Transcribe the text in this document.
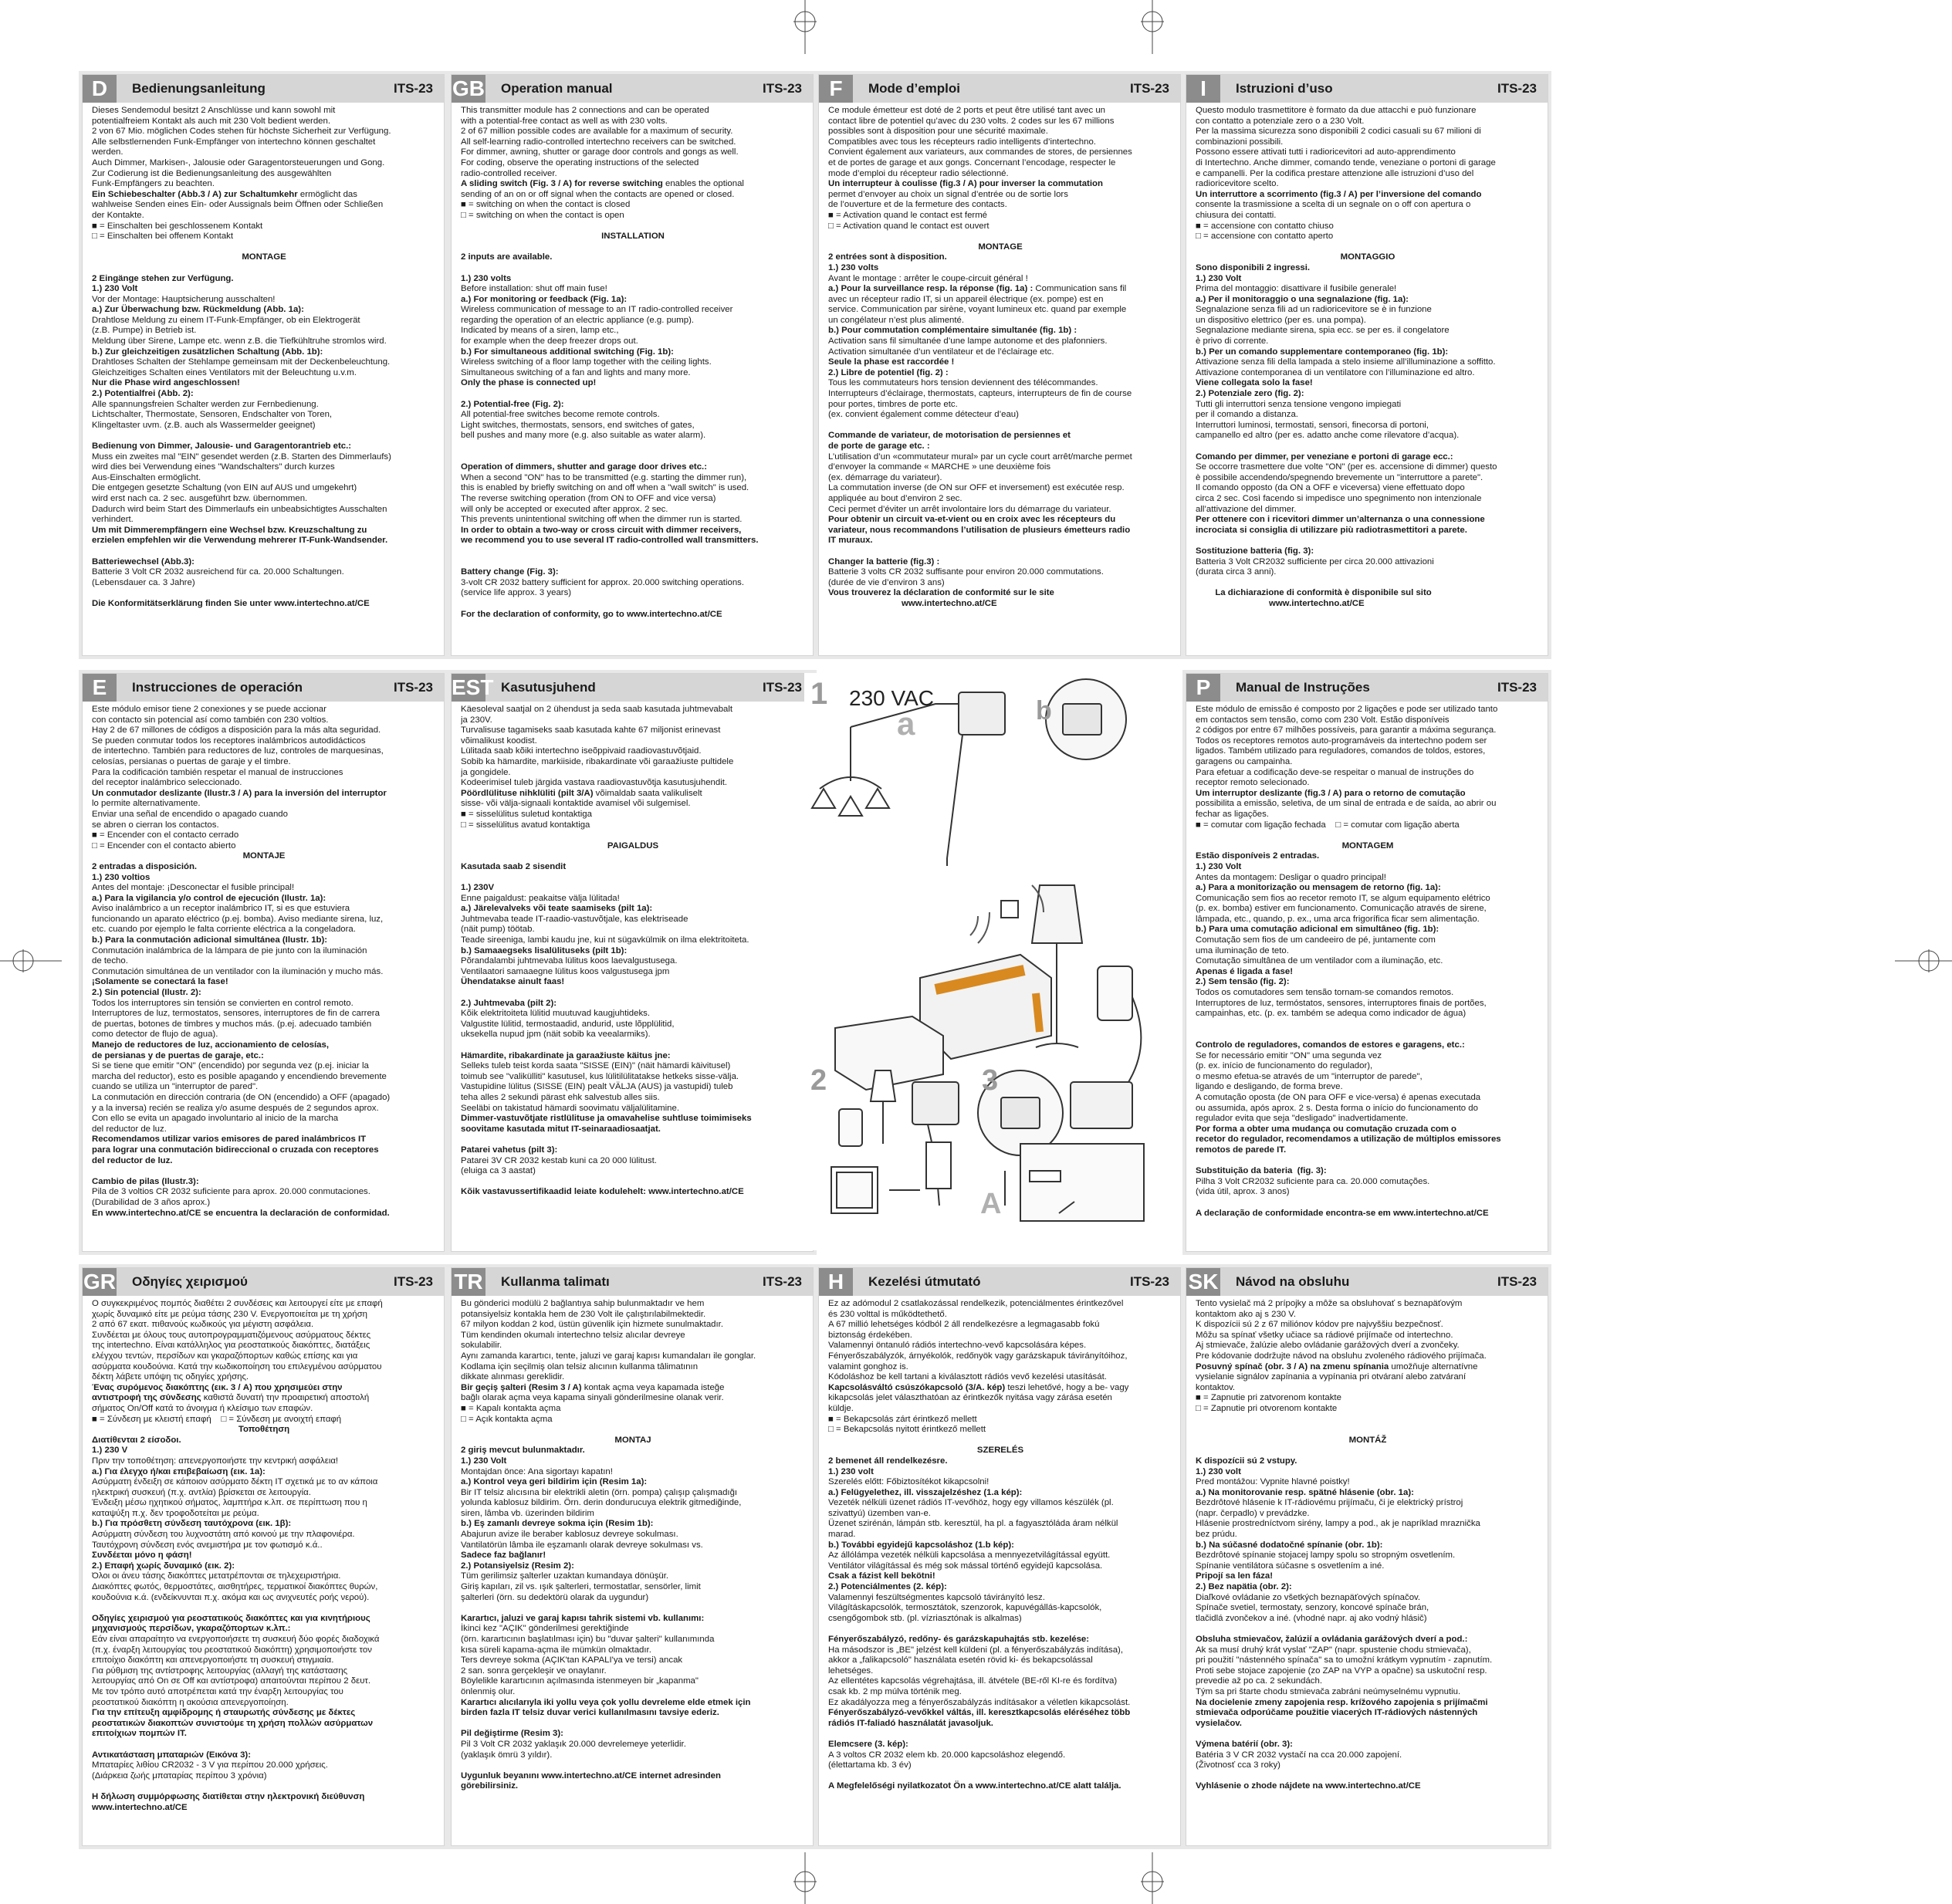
D	Bedienungsanleitung	ITS-23
Dieses Sendemodul besitzt 2 Anschlüsse und kann sowohl mit
potentialfreiem Kontakt als auch mit 230 Volt bedient werden.
2 von 67 Mio. möglichen Codes stehen für höchste Sicherheit zur Verfügung.
Alle selbstlernenden Funk-Empfänger von intertechno können geschaltet
werden.
Auch Dimmer, Markisen-, Jalousie oder Garagentorsteuerungen und Gong.
Zur Codierung ist die Bedienungsanleitung des ausgewählten
Funk-Empfängers zu beachten.
Ein Schiebeschalter (Abb.3 / A) zur Schaltumkehr ermöglicht das
wahlweise Senden eines Ein- oder Aussignals beim Öffnen oder Schließen
der Kontakte.
■ = Einschalten bei geschlossenem Kontakt
□ = Einschalten bei offenem Kontakt

MONTAGE

2 Eingänge stehen zur Verfügung.
1.) 230 Volt
Vor der Montage: Hauptsicherung ausschalten!
a.) Zur Überwachung bzw. Rückmeldung (Abb. 1a):
Drahtlose Meldung zu einem IT-Funk-Empfänger, ob ein Elektrogerät
(z.B. Pumpe) in Betrieb ist.
Meldung über Sirene, Lampe etc. wenn z.B. die Tiefkühltruhe stromlos wird.
b.) Zur gleichzeitigen zusätzlichen Schaltung (Abb. 1b):
Drahtloses Schalten der Stehlampe gemeinsam mit der Deckenbeleuchtung.
Gleichzeitiges Schalten eines Ventilators mit der Beleuchtung u.v.m.
Nur die Phase wird angeschlossen!
2.) Potentialfrei (Abb. 2):
Alle spannungsfreien Schalter werden zur Fernbedienung.
Lichtschalter, Thermostate, Sensoren, Endschalter von Toren,
Klingeltaster uvm. (z.B. auch als Wassermelder geeignet)

Bedienung von Dimmer, Jalousie- und Garagentorantrieb etc.:
Muss ein zweites mal "EIN" gesendet werden (z.B. Starten des Dimmerlaufs)
wird dies bei Verwendung eines "Wandschalters" durch kurzes
Aus-Einschalten ermöglicht.
Die entgegen gesetzte Schaltung (von EIN auf AUS und umgekehrt)
wird erst nach ca. 2 sec. ausgeführt bzw. übernommen.
Dadurch wird beim Start des Dimmerlaufs ein unbeabsichtigtes Ausschalten
verhindert.
Um mit Dimmerempfängern eine Wechsel bzw. Kreuzschaltung zu
erzielen empfehlen wir die Verwendung mehrerer IT-Funk-Wandsender.

Batteriewechsel (Abb.3):
Batterie 3 Volt CR 2032 ausreichend für ca. 20.000 Schaltungen.
(Lebensdauer ca. 3 Jahre)

Die Konformitätserklärung finden Sie unter www.intertechno.at/CE
GB Operation manual	ITS-23
This transmitter module has 2 connections and can be operated
with a potential-free contact as well as with 230 volts.
2 of 67 million possible codes are available for a maximum of security.
All self-learning radio-controlled intertechno receivers can be switched.
For dimmer, awning, shutter or garage door controls and gongs as well.
For coding, observe the operating instructions of the selected
radio-controlled receiver.
A sliding switch (Fig. 3 / A) for reverse switching enables the optional
sending of an on or off signal when the contacts are opened or closed.
■ = switching on when the contact is closed
□ = switching on when the contact is open

INSTALLATION

2 inputs are available.

1.) 230 volts
Before installation: shut off main fuse!
a.) For monitoring or feedback (Fig. 1a):
Wireless communication of message to an IT radio-controlled receiver
regarding the operation of an electric appliance (e.g. pump).
Indicated by means of a siren, lamp etc.,
for example when the deep freezer drops out.
b.) For simultaneous additional switching (Fig. 1b):
Wireless switching of a floor lamp together with the ceiling lights.
Simultaneous switching of a fan and lights and many more.
Only the phase is connected up!

2.) Potential-free (Fig. 2):
All potential-free switches become remote controls.
Light switches, thermostats, sensors, end switches of gates,
bell pushes and many more (e.g. also suitable as water alarm).

Operation of dimmers, shutter and garage door drives etc.:
When a second "ON" has to be transmitted (e.g. starting the dimmer run),
this is enabled by briefly switching on and off when a "wall switch" is used.
The reverse switching operation (from ON to OFF and vice versa)
will only be accepted or executed after approx. 2 sec.
This prevents unintentional switching off when the dimmer run is started.
In order to obtain a two-way or cross circuit with dimmer receivers,
we recommend you to use several IT radio-controlled wall transmitters.

Battery change (Fig. 3):
3-volt CR 2032 battery sufficient for approx. 20.000 switching operations.
(service life approx. 3 years)

For the declaration of conformity, go to www.intertechno.at/CE
F	Mode d’emploi	ITS-23
Ce module émetteur est doté de 2 ports et peut être utilisé tant avec un
contact libre de potentiel qu’avec du 230 volts. 2 codes sur les 67 millions
possibles sont à disposition pour une sécurité maximale.
Compatibles avec tous les récepteurs radio intelligents d’intertechno.
Convient également aux variateurs, aux commandes de stores, de persiennes
et de portes de garage et aux gongs. Concernant l’encodage, respecter le
mode d’emploi du récepteur radio sélectionné.
Un interrupteur à coulisse (fig.3 / A) pour inverser la commutation
permet d’envoyer au choix un signal d’entrée ou de sortie lors
de l’ouverture et de la fermeture des contacts.
■ = Activation quand le contact est fermé
□ = Activation quand le contact est ouvert

MONTAGE
2 entrées sont à disposition.
1.) 230 volts
Avant le montage : arrêter le coupe-circuit général !
a.) Pour la surveillance resp. la réponse (fig. 1a) : Communication sans fil
avec un récepteur radio IT, si un appareil électrique (ex. pompe) est en
service. Communication par sirène, voyant lumineux etc. quand par exemple
un congélateur n’est plus alimenté.
b.) Pour commutation complémentaire simultanée (fig. 1b) :
Activation sans fil simultanée d’une lampe autonome et des plafonniers.
Activation simultanée d’un ventilateur et de l’éclairage etc.
Seule la phase est raccordée !
2.) Libre de potentiel (fig. 2) :
Tous les commutateurs hors tension deviennent des télécommandes.
Interrupteurs d’éclairage, thermostats, capteurs, interrupteurs de fin de course
pour portes, timbres de porte etc.
(ex. convient également comme détecteur d’eau)

Commande de variateur, de motorisation de persiennes et
de porte de garage etc. :
L’utilisation d’un «commutateur mural» par un cycle court arrêt/marche permet
d’envoyer la commande « MARCHE » une deuxième fois
(ex. démarrage du variateur).
La commutation inverse (de ON sur OFF et inversement) est exécutée resp.
appliquée au bout d’environ 2 sec.
Ceci permet d’éviter un arrêt involontaire lors du démarrage du variateur.
Pour obtenir un circuit va-et-vient ou en croix avec les récepteurs du
variateur, nous recommandons l’utilisation de plusieurs émetteurs radio
IT muraux.

Changer la batterie (fig.3) :
Batterie 3 volts CR 2032 suffisante pour environ 20.000 commutations.
(durée de vie d’environ 3 ans)
Vous trouverez la déclaration de conformité sur le site
www.intertechno.at/CE
I	Istruzioni d’uso	ITS-23
Questo modulo trasmettitore è formato da due attacchi e può funzionare
con contatto a potenziale zero o a 230 Volt.
Per la massima sicurezza sono disponibili 2 codici casuali su 67 milioni di
combinazioni possibili.
Possono essere attivati tutti i radioricevitori ad auto-apprendimento
di Intertechno. Anche dimmer, comando tende, veneziane o portoni di garage
e campanelli. Per la codifica prestare attenzione alle istruzioni d’uso del
radioricevitore scelto.
Un interruttore a scorrimento (fig.3 / A) per l’inversione del comando
consente la trasmissione a scelta di un segnale on o off con apertura o
chiusura dei contatti.
■ = accensione con contatto chiuso
□ = accensione con contatto aperto

MONTAGGIO
Sono disponibili 2 ingressi.
1.) 230 Volt
Prima del montaggio: disattivare il fusibile generale!
a.) Per il monitoraggio o una segnalazione (fig. 1a):
Segnalazione senza fili ad un radioricevitore se è in funzione
un dispositivo elettrico (per es. una pompa).
Segnalazione mediante sirena, spia ecc. se per es. il congelatore
è privo di corrente.
b.) Per un comando supplementare contemporaneo (fig. 1b):
Attivazione senza fili della lampada a stelo insieme all’illuminazione a soffitto.
Attivazione contemporanea di un ventilatore con l’illuminazione ed altro.
Viene collegata solo la fase!
2.) Potenziale zero (fig. 2):
Tutti gli interruttori senza tensione vengono impiegati
per il comando a distanza.
Interruttori luminosi, termostati, sensori, finecorsa di portoni,
campanello ed altro (per es. adatto anche come rilevatore d’acqua).

Comando per dimmer, per veneziane e portoni di garage ecc.:
Se occorre trasmettere due volte "ON" (per es. accensione di dimmer) questo
è possibile accendendo/spegnendo brevemente un "interruttore a parete".
Il comando opposto (da ON a OFF e viceversa) viene effettuato dopo
circa 2 sec. Così facendo si impedisce uno spegnimento non intenzionale
all’attivazione del dimmer.
Per ottenere con i ricevitori dimmer un’alternanza o una connessione
incrociata si consiglia di utilizzare più radiotrasmettitori a parete.

Sostituzione batteria (fig. 3):
Batteria 3 Volt CR2032 sufficiente per circa 20.000 attivazioni
(durata circa 3 anni).

La dichiarazione di conformità è disponibile sul sito
www.intertechno.at/CE
E	Instrucciones de operación	ITS-23
Este módulo emisor tiene 2 conexiones y se puede accionar
con contacto sin potencial así como también con 230 voltios.
Hay 2 de 67 millones de códigos a disposición para la más alta seguridad.
Se pueden conmutar todos los receptores inalámbricos autodidácticos
de intertechno. También para reductores de luz, controles de marquesinas,
celosías, persianas o puertas de garaje y el timbre.
Para la codificación también respetar el manual de instrucciones
del receptor inalámbrico seleccionado.
Un conmutador deslizante (Ilustr.3 / A) para la inversión del interruptor
lo permite alternativamente.
Enviar una señal de encendido o apagado cuando
se abren o cierran los contactos.
■ = Encender con el contacto cerrado
□ = Encender con el contacto abierto
MONTAJE
2 entradas a disposición.
1.) 230 voltios
Antes del montaje: ¡Desconectar el fusible principal!
a.) Para la vigilancia y/o control de ejecución (Ilustr. 1a):
Aviso inalámbrico a un receptor inalámbrico IT, si es que estuviera
funcionando un aparato eléctrico (p.ej. bomba). Aviso mediante sirena, luz,
etc. cuando por ejemplo le falta corriente eléctrica a la congeladora.
b.) Para la conmutación adicional simultánea (Ilustr. 1b):
Conmutación inalámbrica de la lámpara de pie junto con la iluminación
de techo.
Conmutación simultánea de un ventilador con la iluminación y mucho más.
¡Solamente se conectará la fase!
2.) Sin potencial (Ilustr. 2):
Todos los interruptores sin tensión se convierten en control remoto.
Interruptores de luz, termostatos, sensores, interruptores de fin de carrera
de puertas, botones de timbres y muchos más. (p.ej. adecuado también
como detector de flujo de agua).
Manejo de reductores de luz, accionamiento de celosías,
de persianas y de puertas de garaje, etc.:
Si se tiene que emitir "ON" (encendido) por segunda vez (p.ej. iniciar la
marcha del reductor), esto es posible apagando y encendiendo brevemente
cuando se utiliza un "interruptor de pared".
La conmutación en dirección contraria (de ON (encendido) a OFF (apagado)
y a la inversa) recién se realiza y/o asume después de 2 segundos aprox.
Con ello se evita un apagado involuntario al inicio de la marcha
del reductor de luz.
Recomendamos utilizar varios emisores de pared inalámbricos IT
para lograr una conmutación bidireccional o cruzada con receptores
del reductor de luz.

Cambio de pilas (Ilustr.3):
Pila de 3 voltios CR 2032 suficiente para aprox. 20.000 conmutaciones.
(Durabilidad de 3 años aprox.)
En www.intertechno.at/CE se encuentra la declaración de conformidad.
EST Kasutusjuhend	ITS-23
Käesoleval saatjal on 2 ühendust ja seda saab kasutada juhtmevabalt
ja 230V.
Turvalisuse tagamiseks saab kasutada kahte 67 miljonist erinevast
võimalikust koodist.
Lülitada saab kõiki intertechno iseõppivaid raadiovastuvõtjaid.
Sobib ka hämardite, markiiside, ribakardinate või garaažiuste pultidele
ja gongidele.
Kodeerimisel tuleb järgida vastava raadiovastuvõtja kasutusjuhendit.
Pöördlülituse nihklüliti (pilt 3/A) võimaldab saata valikuliselt
sisse- või välja-signaali kontaktide avamisel või sulgemisel.
■ = sisselülitus suletud kontaktiga
□ = sisselülitus avatud kontaktiga

PAIGALDUS

Kasutada saab 2 sisendit

1.) 230V
Enne paigaldust: peakaitse välja lülitada!
a.) Järelevalveks või teate saamiseks (pilt 1a):
Juhtmevaba teade IT-raadio-vastuvõtjale, kas elektriseade
(näit pump) töötab.
Teade sireeniga, lambi kaudu jne, kui nt sügavkülmik on ilma elektritoiteta.
b.) Samaaegseks lisalülituseks (pilt 1b):
Põrandalambi juhtmevaba lülitus koos laevalgustusega.
Ventilaatori samaaegne lülitus koos valgustusega jpm
Ühendatakse ainult faas!

2.) Juhtmevaba (pilt 2):
Kõik elektritoiteta lülitid muutuvad kaugjuhtideks.
Valgustite lülitid, termostaadid, andurid, uste lõpplülitid,
uksekella nupud jpm (näit sobib ka veealarmiks).

Hämardite, ribakardinate ja garaažiuste käitus jne:
Selleks tuleb teist korda saata "SISSE (EIN)" (näit hämardi käivitusel)
toimub see "valikülliti" kasutusel, kus lülitilülitatakse hetkeks sisse-välja.
Vastupidine lülitus (SISSE (EIN) pealt VÄLJA (AUS) ja vastupidi) tuleb
teha alles 2 sekundi pärast ehk salvestub alles siis.
Seeläbi on takistatud hämardi soovimatu väljalülitamine.
Dimmer-vastuvõtjate ristlülituse ja omavahelise suhtluse toimimiseks
soovitame kasutada mitut IT-seinaraadiosaatjat.

Patarei vahetus (pilt 3):
Patarei 3V CR 2032 kestab kuni ca 20 000 lülitust.
(eluiga ca 3 aastat)

Kõik vastavussertifikaadid leiate kodulehelt: www.intertechno.at/CE
P	Manual de Instruções	ITS-23
Este módulo de emissão é composto por 2 ligações e pode ser utilizado tanto
em contactos sem tensão, como com 230 Volt. Estão disponíveis
2 códigos por entre 67 milhões possíveis, para garantir a máxima segurança.
Todos os receptores remotos auto-programáveis da intertechno podem ser
ligados. Também utilizado para reguladores, comandos de toldos, estores,
garagens ou campainha.
Para efetuar a codificação deve-se respeitar o manual de instruções do
receptor remoto selecionado.
Um interruptor deslizante (fig.3 / A) para o retorno de comutação
possibilita a emissão, seletiva, de um sinal de entrada e de saída, ao abrir ou
fechar as ligações.
■ = comutar com ligação fechada    □ = comutar com ligação aberta

MONTAGEM
Estão disponíveis 2 entradas.
1.) 230 Volt
Antes da montagem: Desligar o quadro principal!
a.) Para a monitorização ou mensagem de retorno (fig. 1a):
Comunicação sem fios ao recetor remoto IT, se algum equipamento elétrico
(p. ex. bomba) estiver em funcionamento. Comunicação através de sirene,
lâmpada, etc., quando, p. ex., uma arca frigorífica ficar sem alimentação.
b.) Para uma comutação adicional em simultâneo (fig. 1b):
Comutação sem fios de um candeeiro de pé, juntamente com
uma iluminação de teto.
Comutação simultânea de um ventilador com a iluminação, etc.
Apenas é ligada a fase!
2.) Sem tensão (fig. 2):
Todos os comutadores sem tensão tornam-se comandos remotos.
Interruptores de luz, termóstatos, sensores, interruptores finais de portões,
campainhas, etc. (p. ex. também se adequa como indicador de água)

Controlo de reguladores, comandos de estores e garagens, etc.:
Se for necessário emitir "ON" uma segunda vez
(p. ex. início de funcionamento do regulador),
o mesmo efetua-se através de um "interruptor de parede",
ligando e desligando, de forma breve.
A comutação oposta (de ON para OFF e vice-versa) é apenas executada
ou assumida, após aprox. 2 s. Desta forma o início do funcionamento do
regulador evita que seja "desligado" inadvertidamente.
Por forma a obter uma mudança ou comutação cruzada com o
recetor do regulador, recomendamos a utilização de múltiplos emissores
remotos de parede IT.

Substituição da bateria  (fig. 3):
Pilha 3 Volt CR2032 suficiente para ca. 20.000 comutações.
(vida útil, aprox. 3 anos)

A declaração de conformidade encontra-se em www.intertechno.at/CE
GR Οδηγίες χειρισμού	ITS-23
Ο συγκεκριμένος πομπός διαθέτει 2 συνδέσεις και λειτουργεί είτε με επαφή
χωρίς δυναμικό είτε με ρεύμα τάσης 230 V. Ενεργοποιείται με τη χρήση
2 από 67 εκατ. πιθανούς κωδικούς για μέγιστη ασφάλεια.
Συνδέεται με όλους τους αυτοπρογραμματιζόμενους ασύρματους δέκτες
της intertechno. Είναι κατάλληλος για ρεοστατικούς διακόπτες, διατάξεις
ελέγχου τεντών, περσίδων και γκαραζόπορτων καθώς επίσης και για
ασύρματα κουδούνια. Κατά την κωδικοποίηση του επιλεγμένου ασύρματου
δέκτη λάβετε υπόψη τις οδηγίες χρήσης.
Ένας συρόμενος διακόπτης (εικ. 3 / A) που χρησιμεύει στην
αντιστροφή της σύνδεσης καθιστά δυνατή την προαιρετική αποστολή
σήματος On/Off κατά το άνοιγμα ή κλείσιμο των επαφών.
■ = Σύνδεση με κλειστή επαφή    □ = Σύνδεση με ανοιχτή επαφή
Τοποθέτηση
Διατίθενται 2 είσοδοι.
1.) 230 V
Πριν την τοποθέτηση: απενεργοποιήστε την κεντρική ασφάλεια!
a.) Για έλεγχο ή/και επιβεβαίωση (εικ. 1a):
Ασύρματη ένδειξη σε κάποιον ασύρματο δέκτη IT σχετικά με το αν κάποια
ηλεκτρική συσκευή (π.χ. αντλία) βρίσκεται σε λειτουργία.
Ένδειξη μέσω ηχητικού σήματος, λαμπτήρα κ.λπ. σε περίπτωση που η
καταψύξη π.χ. δεν τροφοδοτείται με ρεύμα.
b.) Για πρόσθετη σύνδεση ταυτόχρονα (εικ. 1β):
Ασύρματη σύνδεση του λυχνοστάτη από κοινού με την πλαφονιέρα.
Ταυτόχρονη σύνδεση ενός ανεμιστήρα με τον φωτισμό κ.ά..
Συνδέεται μόνο η φάση!
2.) Επαφή χωρίς δυναμικό (εικ. 2):
Όλοι οι άνευ τάσης διακόπτες μετατρέπονται σε τηλεχειριστήρια.
Διακόπτες φωτός, θερμοστάτες, αισθητήρες, τερματικοί διακόπτες θυρών,
κουδούνια κ.ά. (ενδείκνυνται π.χ. ακόμα και ως ανιχνευτές ροής νερού).

Οδηγίες χειρισμού για ρεοστατικούς διακόπτες και για κινητήριους
μηχανισμούς περσίδων, γκαραζόπορτων κ.λπ.:
Εάν είναι απαραίτητο να ενεργοποιήσετε τη συσκευή δύο φορές διαδοχικά
(π.χ. έναρξη λειτουργίας του ρεοστατικού διακόπτη) χρησιμοποιήστε τον
επιτοίχιο διακόπτη και απενεργοποιήστε τη συσκευή στιγμιαία.
Για ρύθμιση της αντίστροφης λειτουργίας (αλλαγή της κατάστασης
λειτουργίας από On σε Off και αντίστροφα) απαιτούνται περίπου 2 δευτ.
Με τον τρόπο αυτό αποτρέπεται κατά την έναρξη λειτουργίας του
ρεοστατικού διακόπτη η ακούσια απενεργοποίηση.
Για την επίτευξη αμφίδρομης ή σταυρωτής σύνδεσης με δέκτες
ρεοστατικών διακοπτών συνιστούμε τη χρήση πολλών ασύρματων
επιτοίχιων πομπών IT.

Αντικατάσταση μπαταριών (Εικόνα 3):
Μπαταρίες λιθίου CR2032 - 3 V για περίπου 20.000 χρήσεις.
(Διάρκεια ζωής μπαταρίας περίπου 3 χρόνια)

Η δήλωση συμμόρφωσης διατίθεται στην ηλεκτρονική διεύθυνση
www.intertechno.at/CE
TR Kullanma talimatı	ITS-23
Bu gönderici modülü 2 bağlantıya sahip bulunmaktadır ve hem
potansiyelsiz kontakla hem de 230 Volt ile çalıştırılabilmektedir.
67 milyon koddan 2 kod, üstün güvenlik için hizmete sunulmaktadır.
Tüm kendinden okumalı intertechno telsiz alıcılar devreye
sokulabilir.
Aynı zamanda karartıcı, tente, jaluzi ve garaj kapısı kumandaları ile gonglar.
Kodlama için seçilmiş olan telsiz alıcının kullanma tâlimatının
dikkate alınması gereklidir.
Bir geçiş şalteri (Resim 3 / A) kontak açma veya kapamada isteğe
bağlı olarak açma veya kapama sinyali gönderilmesine olanak verir.
■ = Kapalı kontakta açma
□ = Açık kontakta açma

MONTAJ
2 giriş mevcut bulunmaktadır.
1.) 230 Volt
Montajdan önce: Ana sigortayı kapatın!
a.) Kontrol veya geri bildirim için (Resim 1a):
Bir IT telsiz alıcısına bir elektrikli aletin (örn. pompa) çalışıp çalışmadığı
yolunda kablosuz bildirim. Örn. derin dondurucuya elektrik gitmediğinde,
siren, lâmba vb. üzerinden bildirim
b.) Eş zamanlı devreye sokma için (Resim 1b):
Abajurun avize ile beraber kablosuz devreye sokulması.
Vantilatörün lâmba ile eşzamanlı olarak devreye sokulması vs.
Sadece faz bağlanır!
2.) Potansiyelsiz (Resim 2):
Tüm gerilimsiz şalterler uzaktan kumandaya dönüşür.
Giriş kapıları, zil vs. ışık şalterleri, termostatlar, sensörler, limit
şalterleri (örn. su dedektörü olarak da uygundur)

Karartıcı, jaluzi ve garaj kapısı tahrik sistemi vb. kullanımı:
İkinci kez "AÇIK" gönderilmesi gerektiğinde
(örn. karartıcının başlatılması için) bu "duvar şalteri" kullanımında
kısa süreli kapama-açma ile mümkün olmaktadır.
Ters devreye sokma (AÇIK'tan KAPALI'ya ve tersi) ancak
2 san. sonra gerçekleşir ve onaylanır.
Böylelikle karartıcının açılmasında istenmeyen bir „kapanma"
önlenmiş olur.
Karartıcı alıcılarıyla iki yollu veya çok yollu devreleme elde etmek için
birden fazla IT telsiz duvar verici kullanılmasını tavsiye ederiz.

Pil değiştirme (Resim 3):
Pil 3 Volt CR 2032 yaklaşık 20.000 devrelemeye yeterlidir.
(yaklaşık ömrü 3 yıldır).

Uygunluk beyanını www.intertechno.at/CE internet adresinden
görebilirsiniz.
H	Kezelési útmutató	ITS-23
Ez az adómodul 2 csatlakozással rendelkezik, potenciálmentes érintkezővel
és 230 volttal is működtethető.
A 67 millió lehetséges kódból 2 áll rendelkezésre a legmagasabb fokú
biztonság érdekében.
Valamennyi öntanuló rádiós intertechno-vevő kapcsolására képes.
Fényerőszabályzók, árnyékolók, redőnyök vagy garázskapuk távirányítóihoz,
valamint gonghoz is.
Kódoláshoz be kell tartani a kiválasztott rádiós vevő kezelési utasítását.
Kapcsolásváltó csúszókapcsoló (3/A. kép) teszi lehetővé, hogy a be- vagy
kikapcsolás jelet választhatóan az érintkezők nyitása vagy zárása esetén
küldje.
■ = Bekapcsolás zárt érintkező mellett
□ = Bekapcsolás nyitott érintkező mellett

SZERELÉS
2 bemenet áll rendelkezésre.
1.) 230 volt
Szerelés előtt: Főbiztosítékot kikapcsolni!
a.) Felügyelethez, ill. visszajelzéshez (1.a kép):
Vezeték nélküli üzenet rádiós IT-vevőhöz, hogy egy villamos készülék (pl.
szivattyú) üzemben van-e.
Üzenet szirénán, lámpán stb. keresztül, ha pl. a fagyasztóláda áram nélkül
marad.
b.) További egyidejű kapcsoláshoz (1.b kép):
Az állólámpa vezeték nélküli kapcsolása a mennyezetvilágítással együtt.
Ventilátor világítással és még sok mással történő egyidejű kapcsolása.
Csak a fázist kell bekötni!
2.) Potenciálmentes (2. kép):
Valamennyi feszültségmentes kapcsoló távirányító lesz.
Világításkapcsolók, termosztátok, szenzorok, kapuvégállás-kapcsolók,
csengőgombok stb. (pl. vízriasztónak is alkalmas)

Fényerőszabályzó, redőny- és garázskapuhajtás stb. kezelése:
Ha másodszor is „BE" jelzést kell küldeni (pl. a fényerőszabályzás indítása),
akkor a „falikapcsoló" használata esetén rövid ki- és bekapcsolással
lehetséges.
Az ellentétes kapcsolás végrehajtása, ill. átvétele (BE-ről KI-re és fordítva)
csak kb. 2 mp múlva történik meg.
Ez akadályozza meg a fényerőszabályzás indításakor a véletlen kikapcsolást.
Fényerőszabályzó-vevőkkel váltás, ill. keresztkapcsolás eléréséhez több
rádiós IT-faliadó használatát javasoljuk.

Elemcsere (3. kép):
A 3 voltos CR 2032 elem kb. 20.000 kapcsoláshoz elegendő.
(élettartama kb. 3 év)

A Megfelelőségi nyilatkozatot Ön a www.intertechno.at/CE alatt találja.
SK Návod na obsluhu	ITS-23
Tento vysielač má 2 prípojky a môže sa obsluhovať s beznapäťovým
kontaktom ako aj s 230 V.
K dispozícii sú 2 z 67 miliónov kódov pre najvyššiu bezpečnosť.
Môžu sa spínať všetky učiace sa rádiové prijímače od intertechno.
Aj stmievače, žalúzie alebo ovládanie garážových dverí a zvončeky.
Pre kódovanie dodržujte návod na obsluhu zvoleného rádiového prijímača.
Posuvný spínač (obr. 3 / A) na zmenu spínania umožňuje alternatívne
vysielanie signálov zapínania a vypínania pri otváraní alebo zatváraní
kontaktov.
■ = Zapnutie pri zatvorenom kontakte
□ = Zapnutie pri otvorenom kontakte

MONTÁŽ

K dispozícii sú 2 vstupy.
1.) 230 volt
Pred montážou: Vypnite hlavné poistky!
a.) Na monitorovanie resp. spätné hlásenie (obr. 1a):
Bezdrôtové hlásenie k IT-rádiovému prijímaču, či je elektrický prístroj
(napr. čerpadlo) v prevádzke.
Hlásenie prostredníctvom sirény, lampy a pod., ak je napríklad mraznička
bez prúdu.
b.) Na súčasné dodatočné spínanie (obr. 1b):
Bezdrôtové spínanie stojacej lampy spolu so stropným osvetlením.
Spínanie ventilátora súčasne s osvetlením a iné.
Pripojí sa len fáza!
2.) Bez napätia (obr. 2):
Diaľkové ovládanie zo všetkých beznapäťových spínačov.
Spínače svetiel, termostaty, senzory, koncové spínače brán,
tlačidlá zvončekov a iné. (vhodné napr. aj ako vodný hlásič)

Obsluha stmievačov, žalúzií a ovládania garážových dverí a pod.:
Ak sa musí druhý krát vyslať "ZAP" (napr. spustenie chodu stmievača),
pri použití "nástenného spínača" sa to umožní krátkym vypnutím - zapnutím.
Proti sebe stojace zapojenie (zo ZAP na VYP a opačne) sa uskutoční resp.
prevedie až po ca. 2 sekundách.
Tým sa pri štarte chodu stmievača zabráni neúmyselnému vypnutiu.
Na docielenie zmeny zapojenia resp. krížového zapojenia s prijímačmi
stmievača odporúčame použitie viacerých IT-rádiových nástenných
vysielačov.

Výmena batérií (obr. 3):
Batéria 3 V CR 2032 vystačí na cca 20.000 zapojení.
(Životnosť cca 3 roky)

Vyhlásenie o zhode nájdete na www.intertechno.at/CE
1 230 VAC
a	b
2	3
A
